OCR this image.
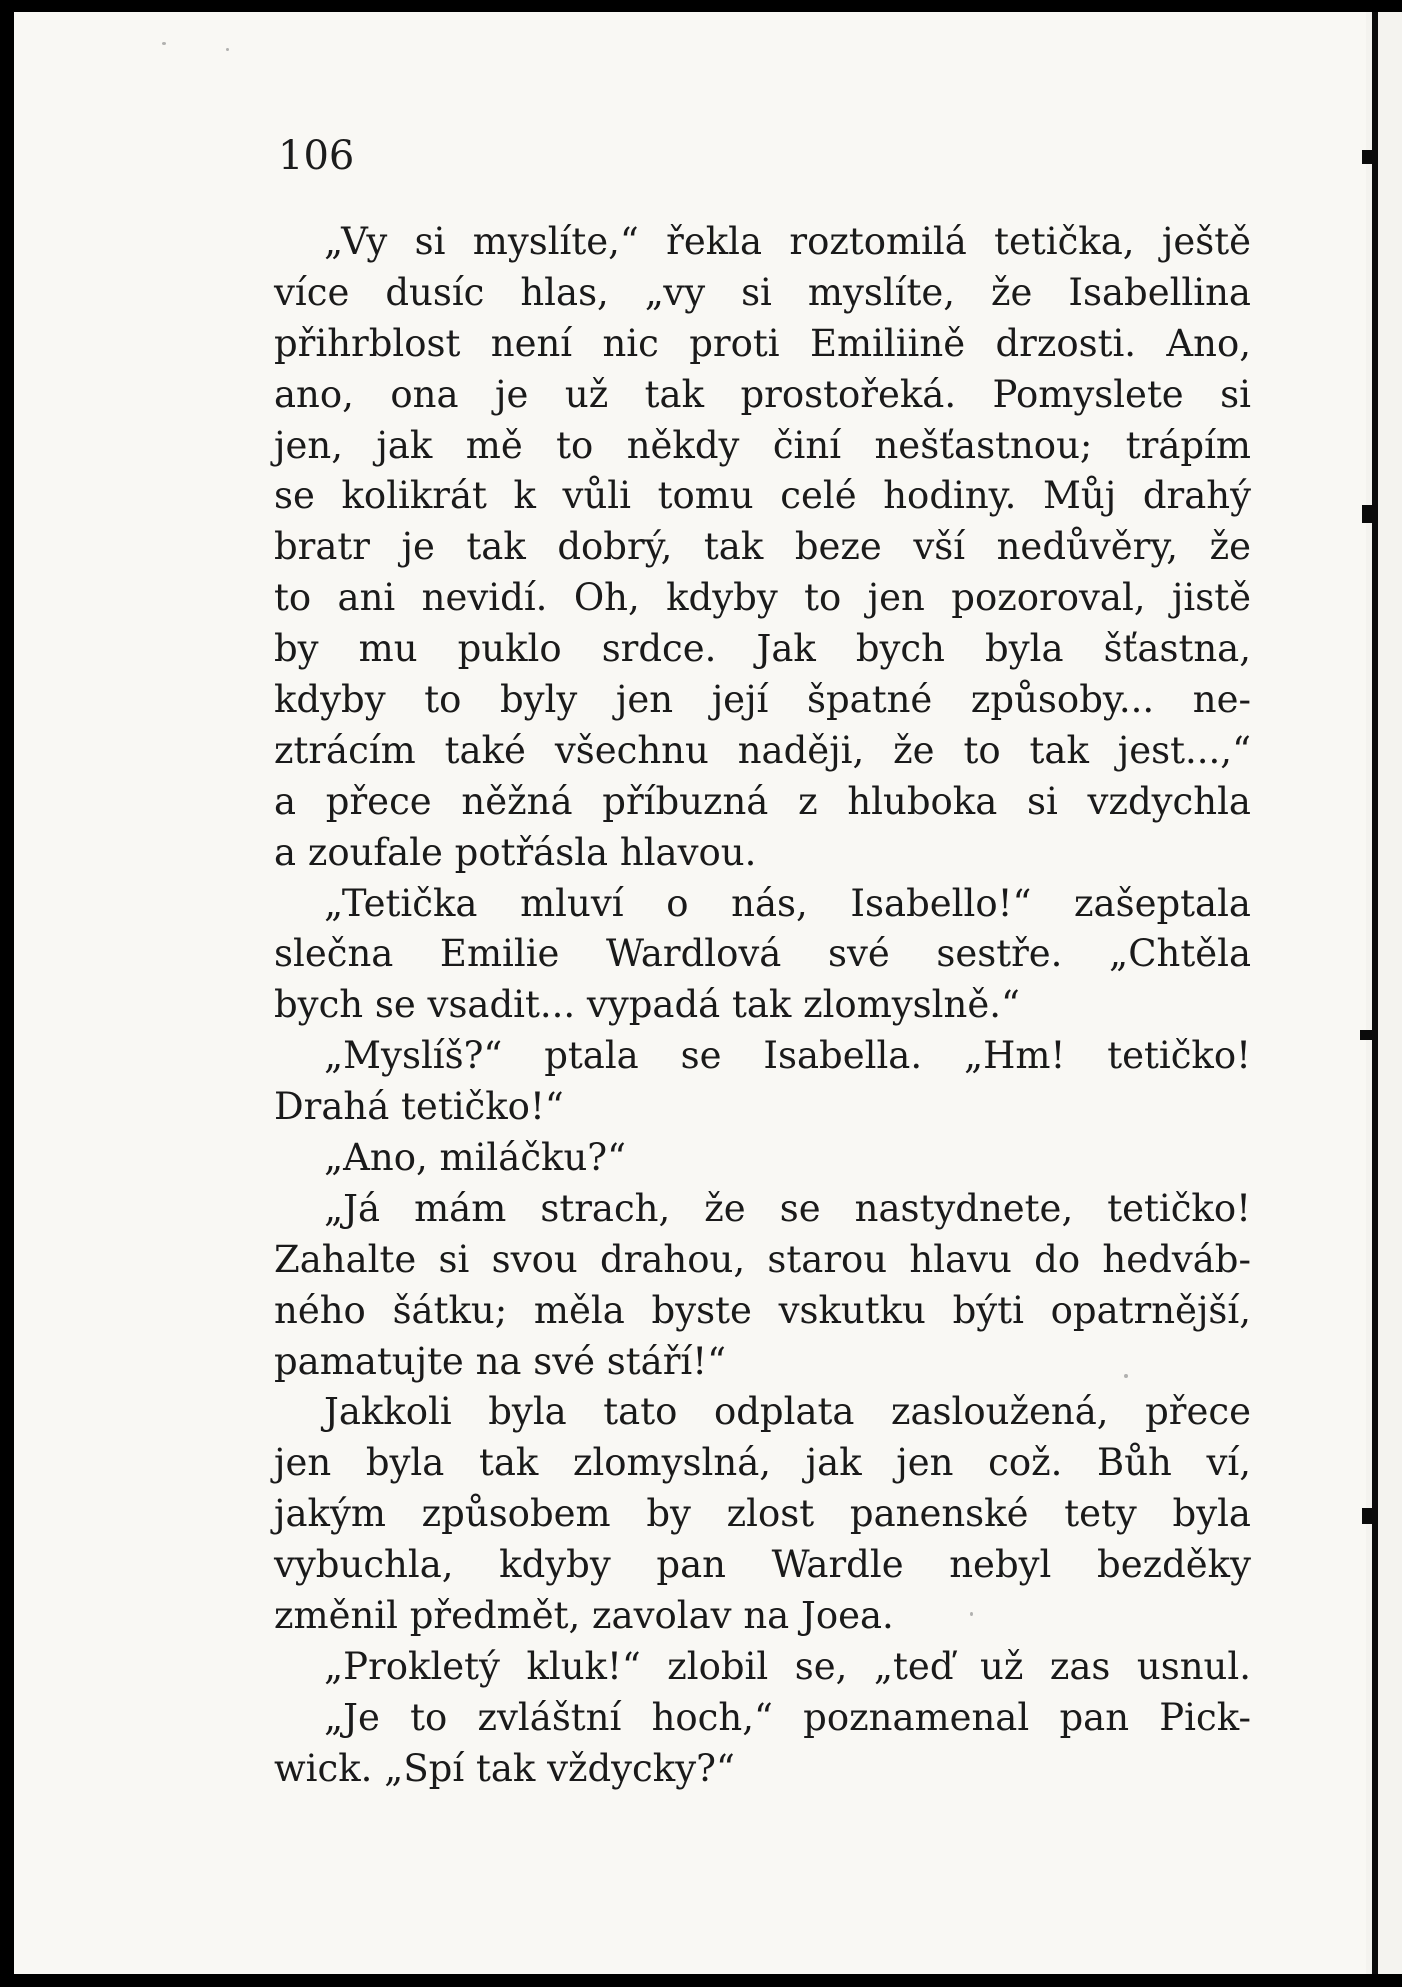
106
„Vy si myslíte,“ řekla roztomilá tetička, ještě
více dusíc hlas, „vy si myslíte, že Isabellina
přihrblost není nic proti Emiliině drzosti. Ano,
ano, ona je už tak prostořeká. Pomyslete si
jen, jak mě to někdy činí nešťastnou; trápím
se kolikrát k vůli tomu celé hodiny. Můj drahý
bratr je tak dobrý, tak beze vší nedůvěry, že
to ani nevidí. Oh, kdyby to jen pozoroval, jistě
by mu puklo srdce. Jak bych byla šťastna,
kdyby to byly jen její špatné způsoby... ne-
ztrácím také všechnu naději, že to tak jest...,“
a přece něžná příbuzná z hluboka si vzdychla
a zoufale potřásla hlavou.
„Tetička mluví o nás, Isabello!“ zašeptala
slečna Emilie Wardlová své sestře. „Chtěla
bych se vsadit... vypadá tak zlomyslně.“
„Myslíš?“ ptala se Isabella. „Hm! tetičko!
Drahá tetičko!“
„Ano, miláčku?“
„Já mám strach, že se nastydnete, tetičko!
Zahalte si svou drahou, starou hlavu do hedváb-
ného šátku; měla byste vskutku býti opatrnější,
pamatujte na své stáří!“
Jakkoli byla tato odplata zasloužená, přece
jen byla tak zlomyslná, jak jen což. Bůh ví,
jakým způsobem by zlost panenské tety byla
vybuchla, kdyby pan Wardle nebyl bezděky
změnil předmět, zavolav na Joea.
„Prokletý kluk!“ zlobil se, „teď už zas usnul.
„Je to zvláštní hoch,“ poznamenal pan Pick-
wick. „Spí tak vždycky?“
